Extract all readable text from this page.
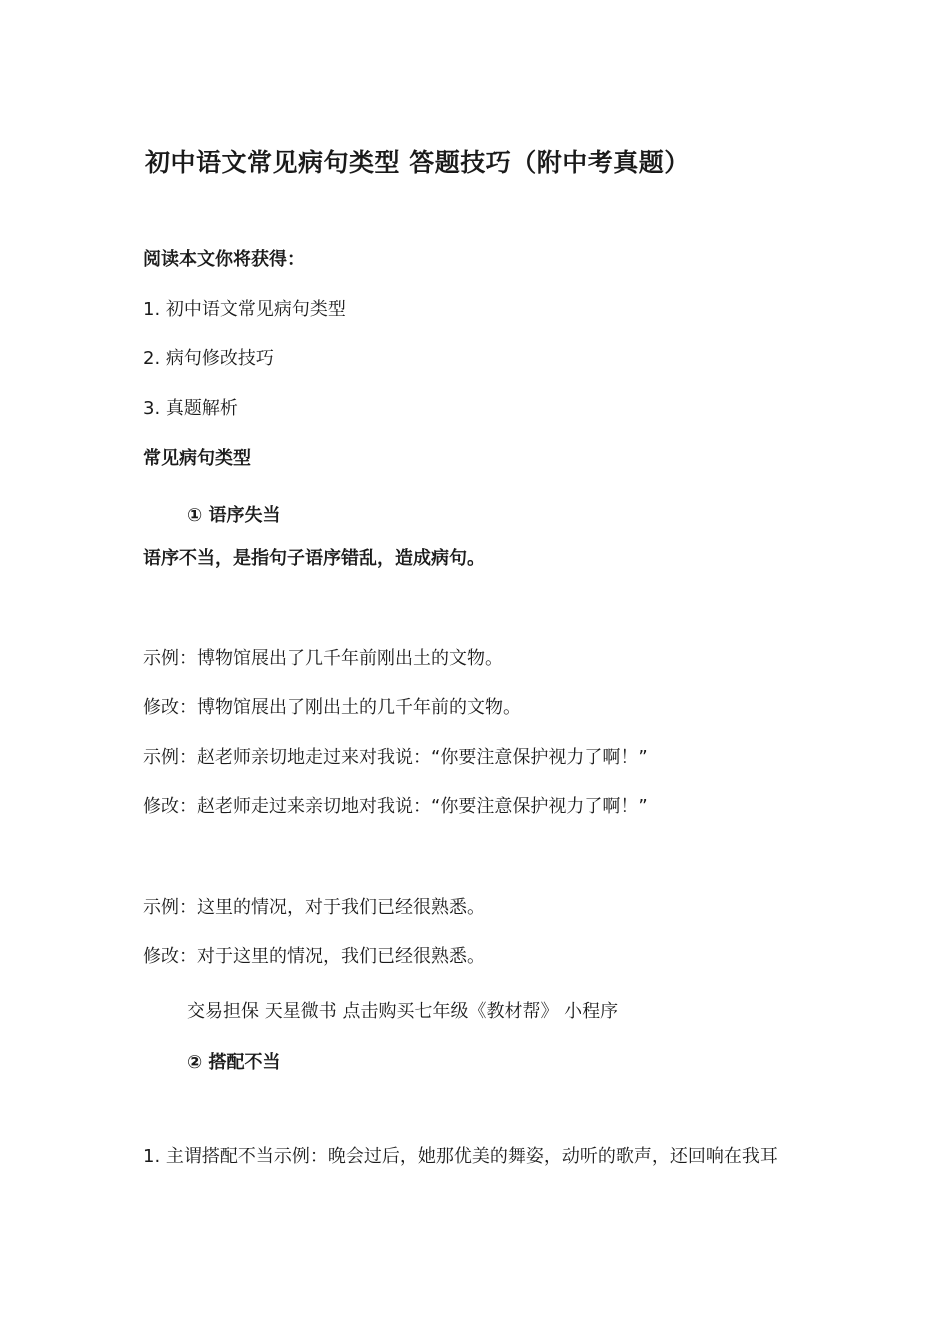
初中语文常见病句类型 答题技巧（附中考真题）
阅读本文你将获得：
1. 初中语文常见病句类型
2. 病句修改技巧
3. 真题解析
常见病句类型
① 语序失当
语序不当，是指句子语序错乱，造成病句。
示例：博物馆展出了几千年前刚出土的文物。
修改：博物馆展出了刚出土的几千年前的文物。
示例：赵老师亲切地走过来对我说：“你要注意保护视力了啊！”
修改：赵老师走过来亲切地对我说：“你要注意保护视力了啊！”
示例：这里的情况，对于我们已经很熟悉。
修改：对于这里的情况，我们已经很熟悉。
交易担保 天星微书 点击购买七年级《教材帮》 小程序
② 搭配不当
1. 主谓搭配不当示例：晚会过后，她那优美的舞姿，动听的歌声，还回响在我耳
